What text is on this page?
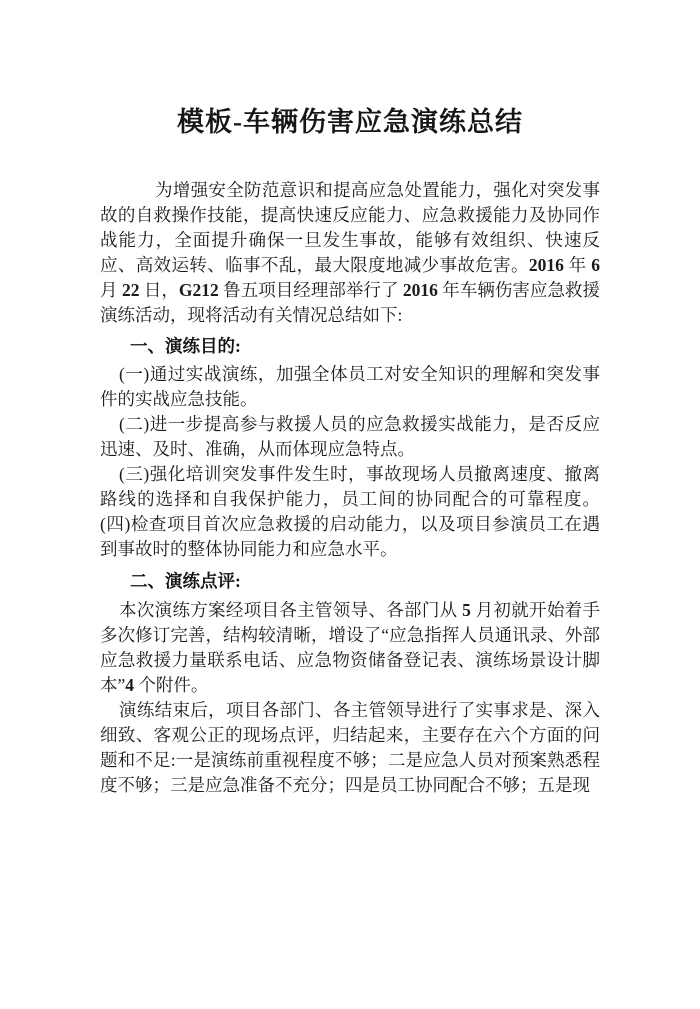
模板-车辆伤害应急演练总结

为增强安全防范意识和提高应急处置能力，强化对突发事故的自救操作技能，提高快速反应能力、应急救援能力及协同作战能力，全面提升确保一旦发生事故，能够有效组织、快速反应、高效运转、临事不乱，最大限度地减少事故危害。2016 年 6 月 22 日，G212 鲁五项目经理部举行了 2016 年车辆伤害应急救援演练活动，现将活动有关情况总结如下:

一、演练目的:

(一)通过实战演练，加强全体员工对安全知识的理解和突发事件的实战应急技能。

(二)进一步提高参与救援人员的应急救援实战能力，是否反应迅速、及时、准确，从而体现应急特点。

(三)强化培训突发事件发生时，事故现场人员撤离速度、撤离路线的选择和自我保护能力，员工间的协同配合的可靠程度。 (四)检查项目首次应急救援的启动能力，以及项目参演员工在遇到事故时的整体协同能力和应急水平。

二、演练点评:

本次演练方案经项目各主管领导、各部门从 5 月初就开始着手多次修订完善，结构较清晰，增设了“应急指挥人员通讯录、外部应急救援力量联系电话、应急物资储备登记表、演练场景设计脚本”4 个附件。

演练结束后，项目各部门、各主管领导进行了实事求是、深入细致、客观公正的现场点评，归结起来，主要存在六个方面的问题和不足:一是演练前重视程度不够；二是应急人员对预案熟悉程度不够；三是应急准备不充分；四是员工协同配合不够；五是现
